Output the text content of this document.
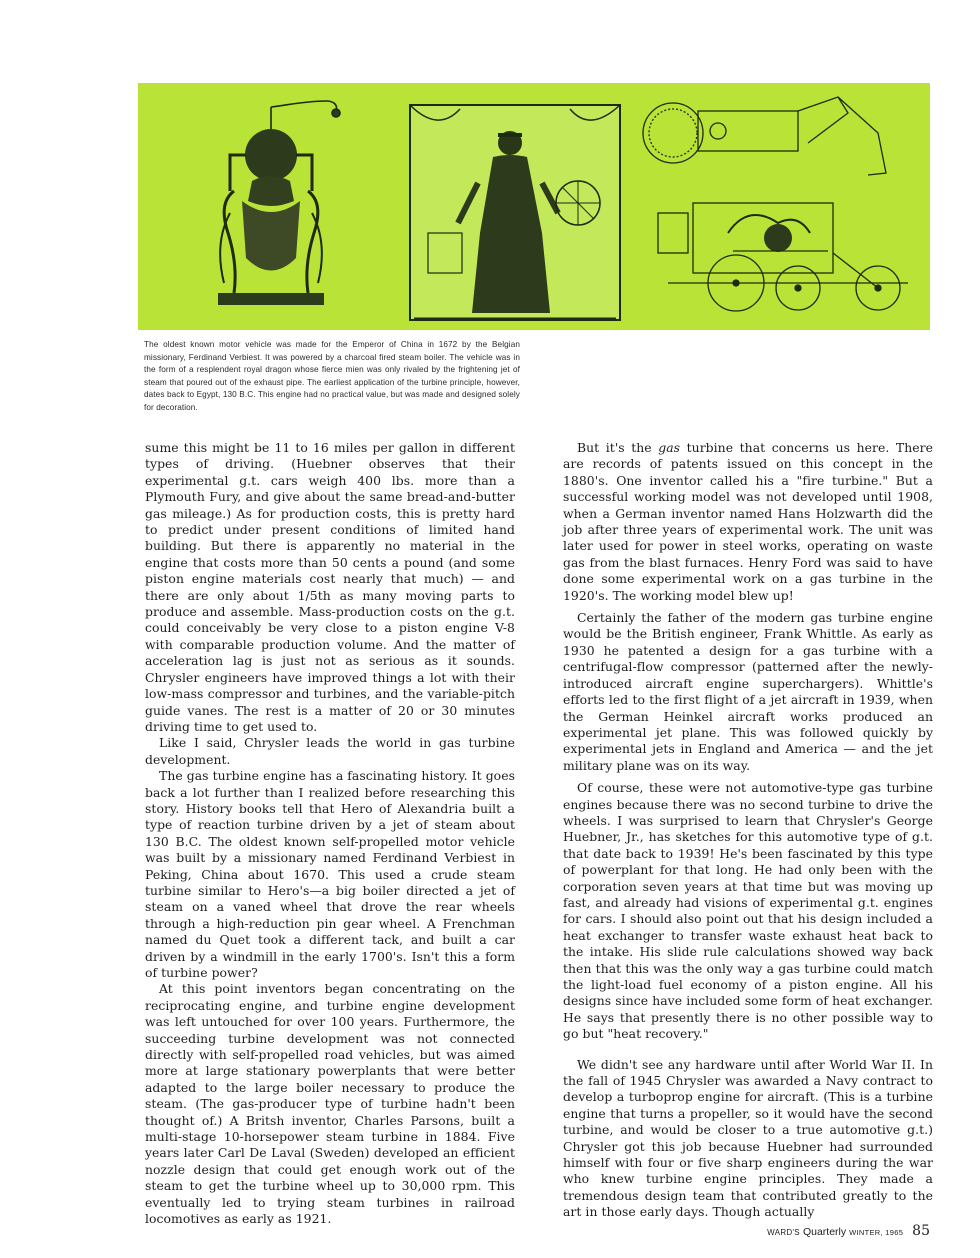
The oldest known motor vehicle was made for the Emperor of China in 1672 by the Belgian missionary, Ferdinand Verbiest. It was powered by a charcoal fired steam boiler. The vehicle was in the form of a resplendent royal dragon whose fierce mien was only rivaled by the frightening jet of steam that poured out of the exhaust pipe. The earliest application of the turbine principle, however, dates back to Egypt, 130 B.C. This engine had no practical value, but was made and designed solely for decoration.

sume this might be 11 to 16 miles per gallon in different types of driving. (Huebner observes that their experimental g.t. cars weigh 400 lbs. more than a Plymouth Fury, and give about the same bread-and-butter gas mileage.) As for production costs, this is pretty hard to predict under present conditions of limited hand building. But there is apparently no material in the engine that costs more than 50 cents a pound (and some piston engine materials cost nearly that much) — and there are only about 1/5th as many moving parts to produce and assemble. Mass-production costs on the g.t. could conceivably be very close to a piston engine V-8 with comparable production volume. And the matter of acceleration lag is just not as serious as it sounds. Chrysler engineers have improved things a lot with their low-mass compressor and turbines, and the variable-pitch guide vanes. The rest is a matter of 20 or 30 minutes driving time to get used to.

Like I said, Chrysler leads the world in gas turbine development.

The gas turbine engine has a fascinating history. It goes back a lot further than I realized before researching this story. History books tell that Hero of Alexandria built a type of reaction turbine driven by a jet of steam about 130 B.C. The oldest known self-propelled motor vehicle was built by a missionary named Ferdinand Verbiest in Peking, China about 1670. This used a crude steam turbine similar to Hero's—a big boiler directed a jet of steam on a vaned wheel that drove the rear wheels through a high-reduction pin gear wheel. A Frenchman named du Quet took a different tack, and built a car driven by a windmill in the early 1700's. Isn't this a form of turbine power?

At this point inventors began concentrating on the reciprocating engine, and turbine engine development was left untouched for over 100 years. Furthermore, the succeeding turbine development was not connected directly with self-propelled road vehicles, but was aimed more at large stationary powerplants that were better adapted to the large boiler necessary to produce the steam. (The gas-producer type of turbine hadn't been thought of.) A Britsh inventor, Charles Parsons, built a multi-stage 10-horsepower steam turbine in 1884. Five years later Carl De Laval (Sweden) developed an efficient nozzle design that could get enough work out of the steam to get the turbine wheel up to 30,000 rpm. This eventually led to trying steam turbines in railroad locomotives as early as 1921.

But it's the gas turbine that concerns us here. There are records of patents issued on this concept in the 1880's. One inventor called his a "fire turbine." But a successful working model was not developed until 1908, when a German inventor named Hans Holzwarth did the job after three years of experimental work. The unit was later used for power in steel works, operating on waste gas from the blast furnaces. Henry Ford was said to have done some experimental work on a gas turbine in the 1920's. The working model blew up!

Certainly the father of the modern gas turbine engine would be the British engineer, Frank Whittle. As early as 1930 he patented a design for a gas turbine with a centrifugal-flow compressor (patterned after the newly-introduced aircraft engine superchargers). Whittle's efforts led to the first flight of a jet aircraft in 1939, when the German Heinkel aircraft works produced an experimental jet plane. This was followed quickly by experimental jets in England and America — and the jet military plane was on its way.

Of course, these were not automotive-type gas turbine engines because there was no second turbine to drive the wheels. I was surprised to learn that Chrysler's George Huebner, Jr., has sketches for this automotive type of g.t. that date back to 1939! He's been fascinated by this type of powerplant for that long. He had only been with the corporation seven years at that time but was moving up fast, and already had visions of experimental g.t. engines for cars. I should also point out that his design included a heat exchanger to transfer waste exhaust heat back to the intake. His slide rule calculations showed way back then that this was the only way a gas turbine could match the light-load fuel economy of a piston engine. All his designs since have included some form of heat exchanger. He says that presently there is no other possible way to go but "heat recovery."

We didn't see any hardware until after World War II. In the fall of 1945 Chrysler was awarded a Navy contract to develop a turboprop engine for aircraft. (This is a turbine engine that turns a propeller, so it would have the second turbine, and would be closer to a true automotive g.t.) Chrysler got this job because Huebner had surrounded himself with four or five sharp engineers during the war who knew turbine engine principles. They made a tremendous design team that contributed greatly to the art in those early days. Though actually

WARD'S Quarterly WINTER, 1965 85
